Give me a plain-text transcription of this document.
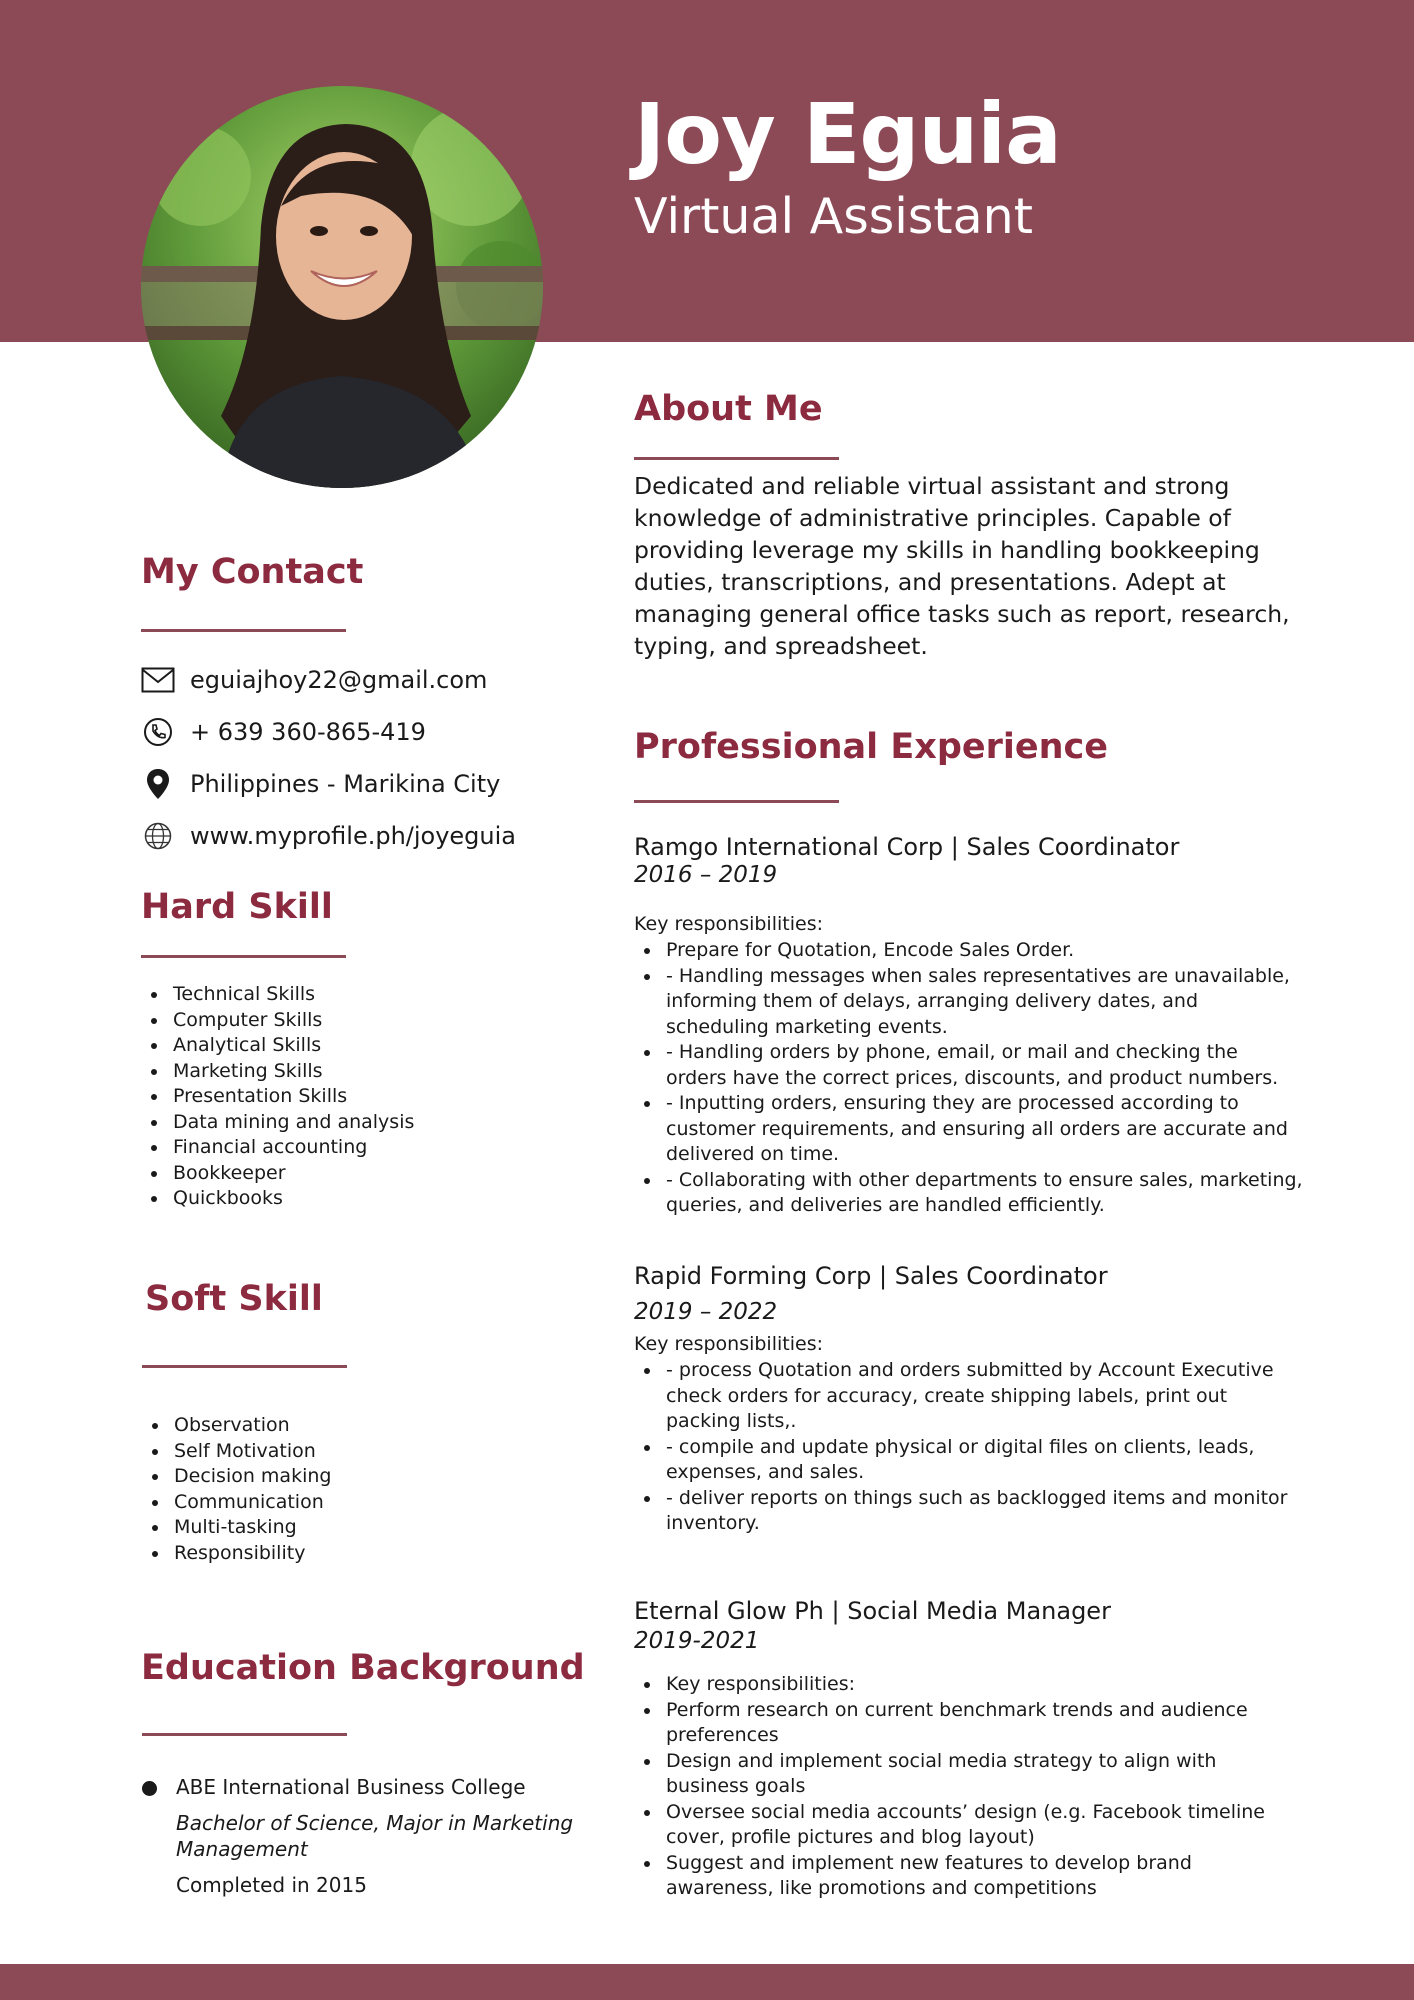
Joy Eguia
Virtual Assistant
About Me
Dedicated and reliable virtual assistant and strong knowledge of administrative principles. Capable of providing leverage my skills in handling bookkeeping duties, transcriptions, and presentations. Adept at managing general office tasks such as report, research, typing, and spreadsheet.
My Contact
eguiajhoy22@gmail.com
+ 639 360-865-419
Philippines - Marikina City
www.myprofile.ph/joyeguia
Hard Skill
Technical Skills
Computer Skills
Analytical Skills
Marketing Skills
Presentation Skills
Data mining and analysis
Financial accounting
Bookkeeper
Quickbooks
Soft Skill
Observation
Self Motivation
Decision making
Communication
Multi-tasking
Responsibility
Education Background
ABE International Business College
Bachelor of Science, Major in Marketing Management
Completed in 2015
Professional Experience
Ramgo International Corp | Sales Coordinator
2016 – 2019
Key responsibilities:
Prepare for Quotation, Encode Sales Order.
- Handling messages when sales representatives are unavailable, informing them of delays, arranging delivery dates, and scheduling marketing events.
- Handling orders by phone, email, or mail and checking the orders have the correct prices, discounts, and product numbers.
- Inputting orders, ensuring they are processed according to customer requirements, and ensuring all orders are accurate and delivered on time.
- Collaborating with other departments to ensure sales, marketing, queries, and deliveries are handled efficiently.
Rapid Forming Corp | Sales Coordinator
2019 – 2022
Key responsibilities:
- process Quotation and orders submitted by Account Executive check orders for accuracy, create shipping labels, print out packing lists,.
- compile and update physical or digital files on clients, leads, expenses, and sales.
- deliver reports on things such as backlogged items and monitor inventory.
Eternal Glow Ph | Social Media Manager
2019-2021
Key responsibilities:
Perform research on current benchmark trends and audience preferences
Design and implement social media strategy to align with business goals
Oversee social media accounts’ design (e.g. Facebook timeline cover, profile pictures and blog layout)
Suggest and implement new features to develop brand awareness, like promotions and competitions
